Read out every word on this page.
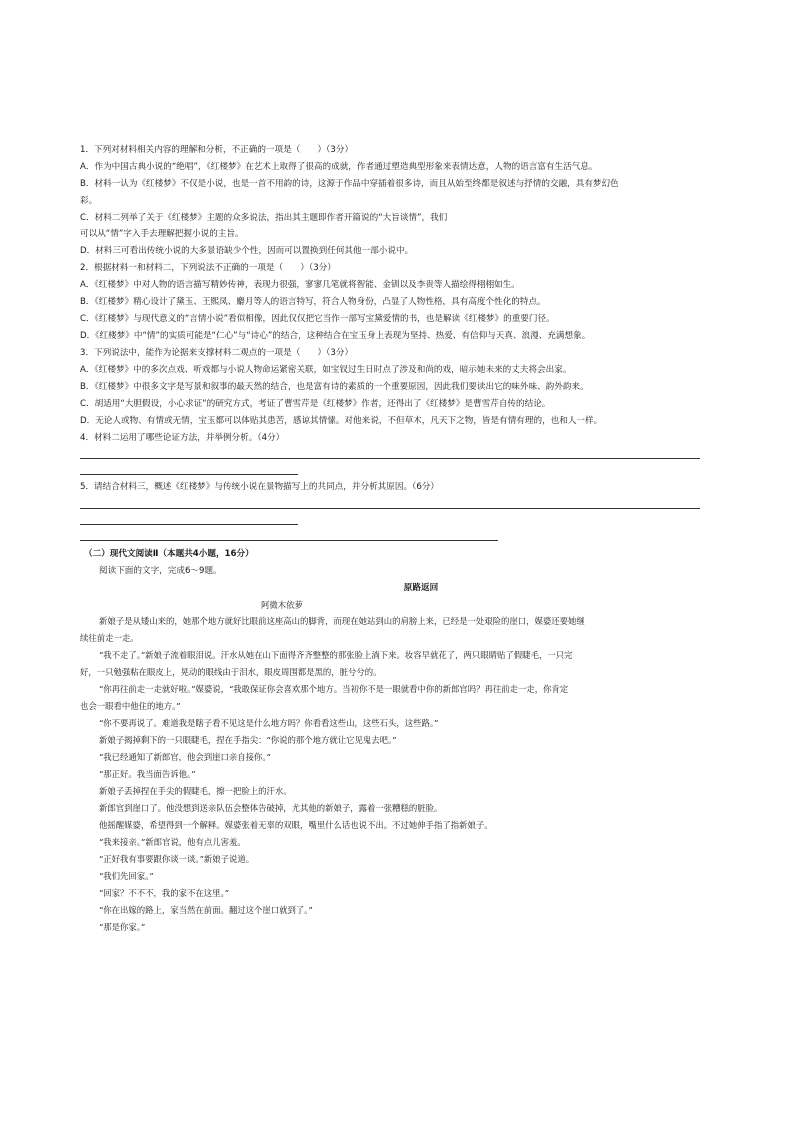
1．下列对材料相关内容的理解和分析，不正确的一项是（　　）（3分）
A．作为中国古典小说的“绝唱”，《红楼梦》在艺术上取得了很高的成就，作者通过塑造典型形象来表情达意，人物的语言富有生活气息。
B．材料一认为《红楼梦》不仅是小说，也是一首不用韵的诗，这源于作品中穿插着很多诗，而且从始至终都是叙述与抒情的交融，具有梦幻色
彩。
C．材料二列举了关于《红楼梦》主题的众多说法，指出其主题即作者开篇说的“大旨谈情”，我们
可以从“情”字入手去理解把握小说的主旨。
D．材料三可看出传统小说的大多景语缺少个性，因而可以置换到任何其他一部小说中。
2．根据材料一和材料二，下列说法不正确的一项是（　　）（3分）
A．《红楼梦》中对人物的语言描写精妙传神，表现力很强，寥寥几笔就将智能、金钏以及李贵等人描绘得栩栩如生。
B．《红楼梦》精心设计了黛玉、王熙凤、麝月等人的语言特写，符合人物身份，凸显了人物性格，具有高度个性化的特点。
C．《红楼梦》与现代意义的“言情小说”看似相像，因此仅仅把它当作一部写宝黛爱情的书，也是解读《红楼梦》的重要门径。
D．《红楼梦》中“情”的实质可能是“仁心”与“诗心”的结合，这种结合在宝玉身上表现为坚持、热爱、有信仰与天真、浪漫、充满想象。
3．下列说法中，能作为论据来支撑材料二观点的一项是（　　）（3分）
A．《红楼梦》中的多次点戏、听戏都与小说人物命运紧密关联，如宝钗过生日时点了涉及和尚的戏，暗示她未来的丈夫将会出家。
B．《红楼梦》中很多文字是写景和叙事的最天然的结合，也是富有诗的素质的一个重要原因，因此我们要读出它的味外味、韵外韵来。
C．胡适用“大胆假设，小心求证”的研究方式，考证了曹雪芹是《红楼梦》作者，还得出了《红楼梦》是曹雪芹自传的结论。
D．无论人或物、有情或无情，宝玉都可以体贴其患苦，感谅其情愫。对他来说，不但草木，凡天下之物，皆是有情有理的，也和人一样。
4．材料二运用了哪些论证方法，并举例分析。（4分）
5．请结合材料三，概述《红楼梦》与传统小说在景物描写上的共同点，并分析其原因。（6分）
（二）现代文阅读Ⅱ（本题共4小题，16分）
阅读下面的文字，完成6～9题。
原路返回
阿微木依萝
新娘子是从矮山来的，她那个地方就好比眼前这座高山的脚背，而现在她站到山的肩膀上来，已经是一处艰险的崖口，媒婆还要她继
续往前走一走。
“我不走了。”新娘子流着眼泪说。汗水从她在山下面得齐齐整整的那张脸上淌下来。妆容早就花了，两只眼睛贴了假睫毛，一只完
好，一只勉强粘在眼皮上，晃动的眼线由于泪水，眼皮周围都是黑的，脏兮兮的。
“你再往前走一走就好啦。”媒婆说，“我敢保证你会喜欢那个地方。当初你不是一眼就看中你的新郎官吗？再往前走一走，你肯定
也会一眼看中他住的地方。”
“你不要再说了。难道我是瞎子看不见这是什么地方吗？你看看这些山，这些石头，这些路。”
新娘子揭掉剩下的一只眼睫毛，捏在手指尖：“你说的那个地方就让它见鬼去吧。”
“我已经通知了新郎官，他会到崖口亲自接你。”
“那正好。我当面告诉他。”
新娘子丢掉捏在手尖的假睫毛，擦一把脸上的汗水。
新郎官到崖口了。他没想到送亲队伍会整体告破掉，尤其他的新娘子，露着一张糟糕的脏脸。
他摇醒媒婆，希望得到一个解释。媒婆张着无辜的双眼，嘴里什么话也说不出。不过她伸手指了指新娘子。
“我来接亲。”新郎官说，他有点儿害羞。
“正好我有事要跟你谈一谈。”新娘子说道。
“我们先回家。”
“回家？不不不，我的家不在这里。”
“你在出嫁的路上，家当然在前面。翻过这个崖口就到了。”
“那是你家。”
